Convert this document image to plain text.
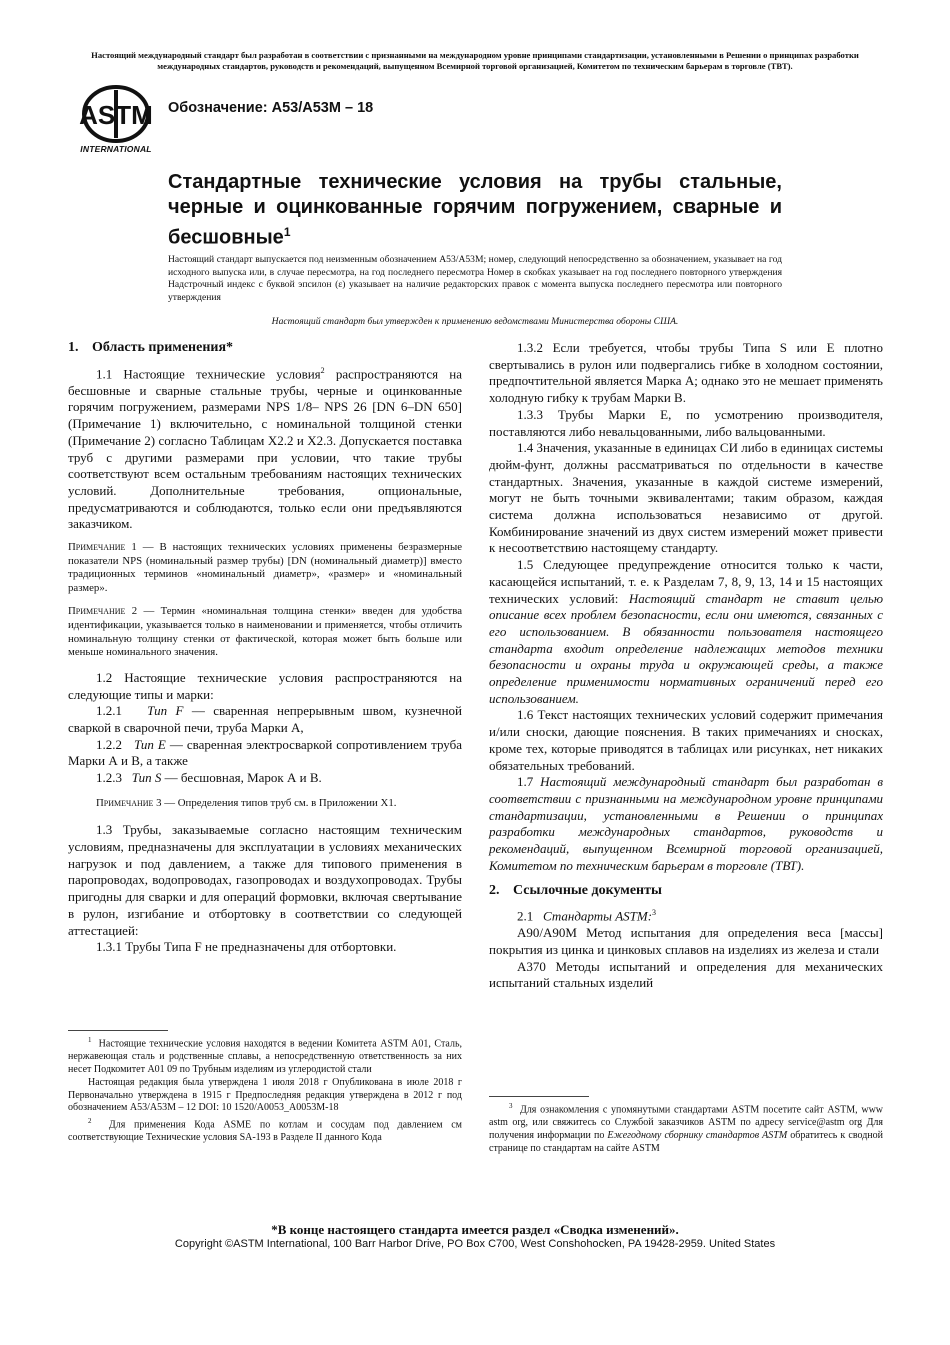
Настоящий международный стандарт был разработан в соответствии с признанными на международном уровне принципами стандартизации, установленными в Решении о принципах разработки международных стандартов, руководств и рекомендаций, выпущенном Всемирной торговой организацией, Комитетом по техническим барьерам в торговле (ТВТ).
ASTM
INTERNATIONAL
Обозначение: A53/A53M – 18
Стандартные технические условия на трубы стальные, черные и оцинкованные горячим погружением, сварные и бесшовные$^1$
Настоящий стандарт выпускается под неизменным обозначением A53/A53M; номер, следующий непосредственно за обозначением, указывает на год исходного выпуска или, в случае пересмотра, на год последнего пересмотра Номер в скобках указывает на год последнего повторного утверждения Надстрочный индекс с буквой эпсилон (ε) указывает на наличие редакторских правок с момента выпуска последнего пересмотра или повторного утверждения
Настоящий стандарт был утвержден к применению ведомствами Министерства обороны США.
1. Область применения*

1.1 Настоящие технические условия$^2$ распространяются на бесшовные и сварные стальные трубы, черные и оцинкованные горячим погружением, размерами NPS 1/8– NPS 26 [DN 6–DN 650] (Примечание 1) включительно, с номинальной толщиной стенки (Примечание 2) согласно Таблицам X2.2 и X2.3. Допускается поставка труб с другими размерами при условии, что такие трубы соответствуют всем остальным требованиям настоящих технических условий. Дополнительные требования, опциональные, предусматриваются и соблюдаются, только если они предъявляются заказчиком.

Примечание 1 — В настоящих технических условиях применены безразмерные показатели NPS (номинальный размер трубы) [DN (номинальный диаметр)] вместо традиционных терминов «номинальный диаметр», «размер» и «номинальный размер».

Примечание 2 — Термин «номинальная толщина стенки» введен для удобства идентификации, указывается только в наименовании и применяется, чтобы отличить номинальную толщину стенки от фактической, которая может быть больше или меньше номинального значения.

1.2 Настоящие технические условия распространяются на следующие типы и марки:

1.2.1 Тип F — сваренная непрерывным швом, кузнечной сваркой в сварочной печи, труба Марки А,

1.2.2 Тип E — сваренная электросваркой сопротивлением труба Марки А и В, а также

1.2.3 Тип S — бесшовная, Марок А и В.

Примечание 3 — Определения типов труб см. в Приложении X1.

1.3 Трубы, заказываемые согласно настоящим техническим условиям, предназначены для эксплуатации в условиях механических нагрузок и под давлением, а также для типового применения в паропроводах, водопроводах, газопроводах и воздухопроводах. Трубы пригодны для сварки и для операций формовки, включая свертывание в рулон, изгибание и отбортовку в соответствии со следующей аттестацией:

1.3.1 Трубы Типа F не предназначены для отбортовки.

$^1$ Настоящие технические условия находятся в ведении Комитета ASTM A01, Сталь, нержавеющая сталь и родственные сплавы, а непосредственную ответственность за них несет Подкомитет A01 09 по Трубным изделиям из углеродистой стали

Настоящая редакция была утверждена 1 июля 2018 г Опубликована в июле 2018 г Первоначально утверждена в 1915 г Предпоследняя редакция утверждена в 2012 г под обозначением A53/A53M – 12 DOI: 10 1520/A0053_A0053M-18

$^2$ Для применения Кода ASME по котлам и сосудам под давлением см соответствующие Технические условия SA-193 в Разделе II данного Кода

1.3.2 Если требуется, чтобы трубы Типа S или E плотно свертывались в рулон или подвергались гибке в холодном состоянии, предпочтительной является Марка A; однако это не мешает применять холодную гибку к трубам Марки B.

1.3.3 Трубы Марки E, по усмотрению производителя, поставляются либо невальцованными, либо вальцованными.

1.4 Значения, указанные в единицах СИ либо в единицах системы дюйм-фунт, должны рассматриваться по отдельности в качестве стандартных. Значения, указанные в каждой системе измерений, могут не быть точными эквивалентами; таким образом, каждая система должна использоваться независимо от другой. Комбинирование значений из двух систем измерений может привести к несоответствию настоящему стандарту.

1.5 Следующее предупреждение относится только к части, касающейся испытаний, т. е. к Разделам 7, 8, 9, 13, 14 и 15 настоящих технических условий: Настоящий стандарт не ставит целью описание всех проблем безопасности, если они имеются, связанных с его использованием. В обязанности пользователя настоящего стандарта входит определение надлежащих методов техники безопасности и охраны труда и окружающей среды, а также определение применимости нормативных ограничений перед его использованием.

1.6 Текст настоящих технических условий содержит примечания и/или сноски, дающие пояснения. В таких примечаниях и сносках, кроме тех, которые приводятся в таблицах или рисунках, нет никаких обязательных требований.

1.7 Настоящий международный стандарт был разработан в соответствии с признанными на международном уровне принципами стандартизации, установленными в Решении о принципах разработки международных стандартов, руководств и рекомендаций, выпущенном Всемирной торговой организацией, Комитетом по техническим барьерам в торговле (ТВТ).

2. Ссылочные документы

2.1 Стандарты ASTM:$^3$

A90/A90M Метод испытания для определения веса [массы] покрытия из цинка и цинковых сплавов на изделиях из железа и стали

A370 Методы испытаний и определения для механических испытаний стальных изделий

$^3$ Для ознакомления с упомянутыми стандартами ASTM посетите сайт ASTM, www astm org, или свяжитесь со Службой заказчиков ASTM по адресу service@astm org Для получения информации по Ежегодному сборнику стандартов ASTM обратитесь к сводной странице по стандартам на сайте ASTM

*В конце настоящего стандарта имеется раздел «Сводка изменений».
Copyright ©ASTM International, 100 Barr Harbor Drive, PO Box C700, West Conshohocken, PA 19428-2959. United States
